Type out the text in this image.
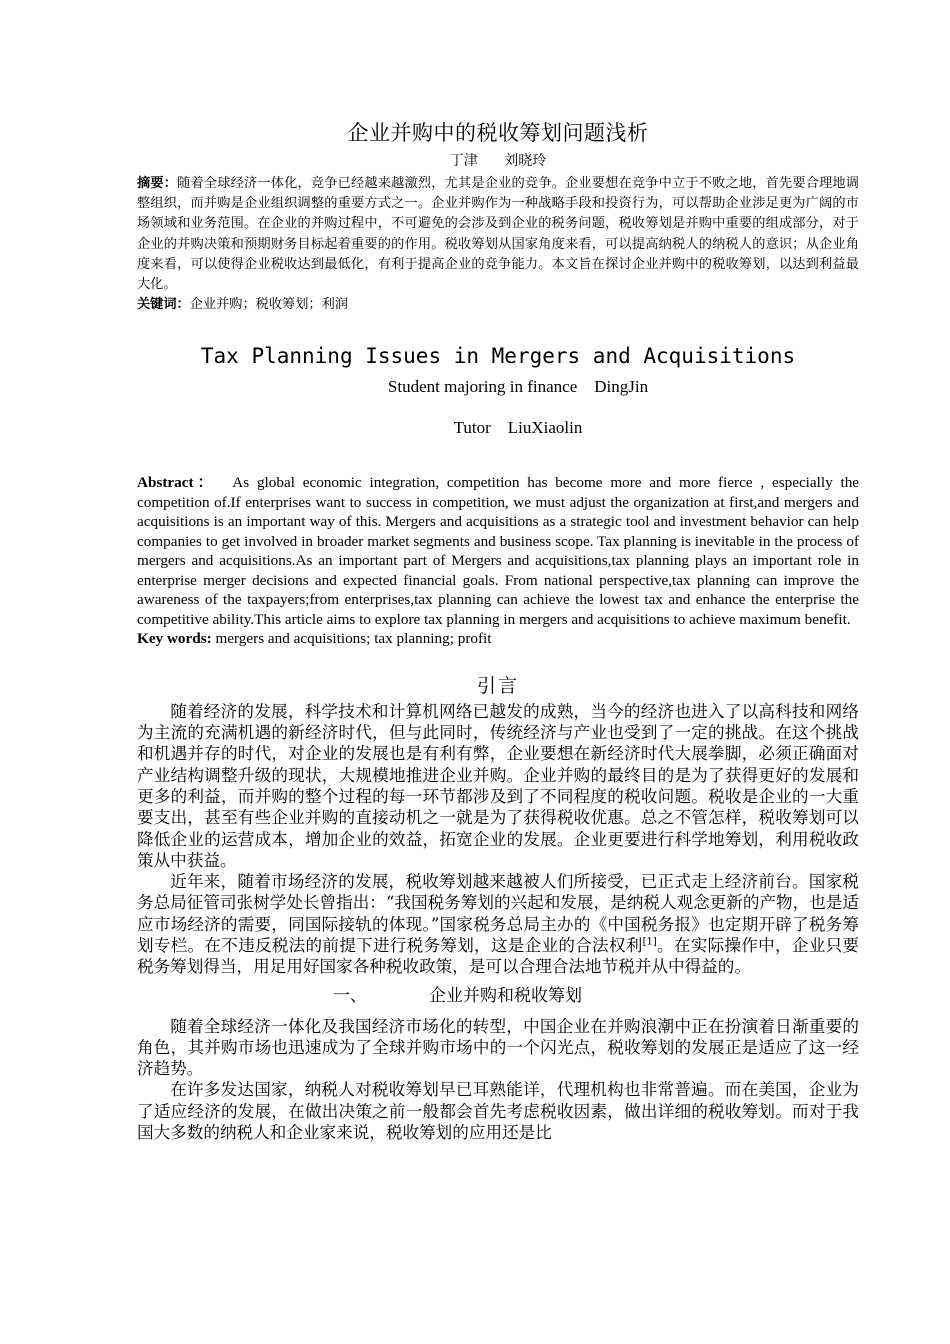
企业并购中的税收筹划问题浅析
丁津 刘晓玲
摘要：随着全球经济一体化，竞争已经越来越激烈，尤其是企业的竞争。企业要想在竞争中立于不败之地，首先要合理地调整组织，而并购是企业组织调整的重要方式之一。企业并购作为一种战略手段和投资行为，可以帮助企业涉足更为广阔的市场领域和业务范围。在企业的并购过程中，不可避免的会涉及到企业的税务问题，税收筹划是并购中重要的组成部分，对于企业的并购决策和预期财务目标起着重要的的作用。税收筹划从国家角度来看，可以提高纳税人的纳税人的意识；从企业角度来看，可以使得企业税收达到最低化，有利于提高企业的竞争能力。本文旨在探讨企业并购中的税收筹划，以达到利益最大化。
关键词：企业并购；税收筹划；利润
Tax Planning Issues in Mergers and Acquisitions
Student majoring in finance    DingJin
Tutor    LiuXiaolin
Abstract： As global economic integration, competition has become more and more fierce , especially the competition of.If enterprises want to success in competition, we must adjust the organization at first,and mergers and acquisitions is an important way of this. Mergers and acquisitions as a strategic tool and investment behavior can help companies to get involved in broader market segments and business scope. Tax planning is inevitable in the process of mergers and acquisitions.As an important part of Mergers and acquisitions,tax planning plays an important role in enterprise merger decisions and expected financial goals. From national perspective,tax planning can improve the awareness of the taxpayers;from enterprises,tax planning can achieve the lowest tax and enhance the enterprise the competitive ability.This article aims to explore tax planning in mergers and acquisitions to achieve maximum benefit.
Key words: mergers and acquisitions; tax planning; profit
引言

随着经济的发展，科学技术和计算机网络已越发的成熟，当今的经济也进入了以高科技和网络为主流的充满机遇的新经济时代，但与此同时，传统经济与产业也受到了一定的挑战。在这个挑战和机遇并存的时代，对企业的发展也是有利有弊，企业要想在新经济时代大展拳脚，必须正确面对产业结构调整升级的现状，大规模地推进企业并购。企业并购的最终目的是为了获得更好的发展和更多的利益，而并购的整个过程的每一环节都涉及到了不同程度的税收问题。税收是企业的一大重要支出，甚至有些企业并购的直接动机之一就是为了获得税收优惠。总之不管怎样，税收筹划可以降低企业的运营成本，增加企业的效益，拓宽企业的发展。企业更要进行科学地筹划，利用税收政策从中获益。

近年来，随着市场经济的发展，税收筹划越来越被人们所接受，已正式走上经济前台。国家税务总局征管司张树学处长曾指出：“我国税务筹划的兴起和发展，是纳税人观念更新的产物，也是适应市场经济的需要，同国际接轨的体现。”国家税务总局主办的《中国税务报》也定期开辟了税务筹划专栏。在不违反税法的前提下进行税务筹划，这是企业的合法权利[1]。在实际操作中，企业只要税务筹划得当，用足用好国家各种税收政策，是可以合理合法地节税并从中得益的。

一、	企业并购和税收筹划

随着全球经济一体化及我国经济市场化的转型，中国企业在并购浪潮中正在扮演着日渐重要的角色，其并购市场也迅速成为了全球并购市场中的一个闪光点，税收筹划的发展正是适应了这一经济趋势。

在许多发达国家，纳税人对税收筹划早已耳熟能详，代理机构也非常普遍。而在美国，企业为了适应经济的发展，在做出决策之前一般都会首先考虑税收因素，做出详细的税收筹划。而对于我国大多数的纳税人和企业家来说，税收筹划的应用还是比
